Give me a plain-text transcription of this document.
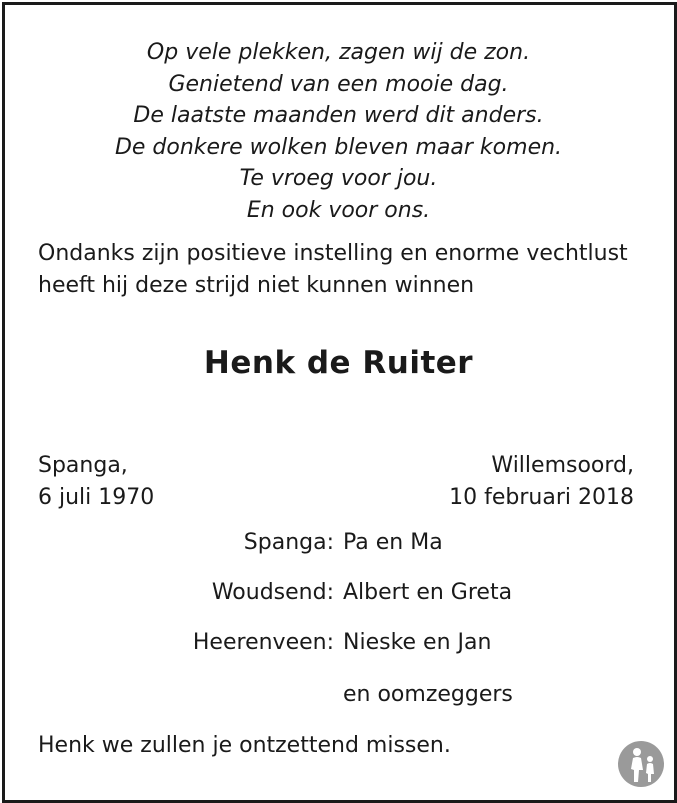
Op vele plekken, zagen wij de zon.
Genietend van een mooie dag.
De laatste maanden werd dit anders.
De donkere wolken bleven maar komen.
Te vroeg voor jou.
En ook voor ons.
Ondanks zijn positieve instelling en enorme vechtlust
heeft hij deze strijd niet kunnen winnen
Henk de Ruiter
Spanga,
6 juli 1970
Willemsoord,
10 februari 2018
Spanga: Pa en Ma
Woudsend: Albert en Greta
Heerenveen: Nieske en Jan
en oomzeggers
Henk we zullen je ontzettend missen.
